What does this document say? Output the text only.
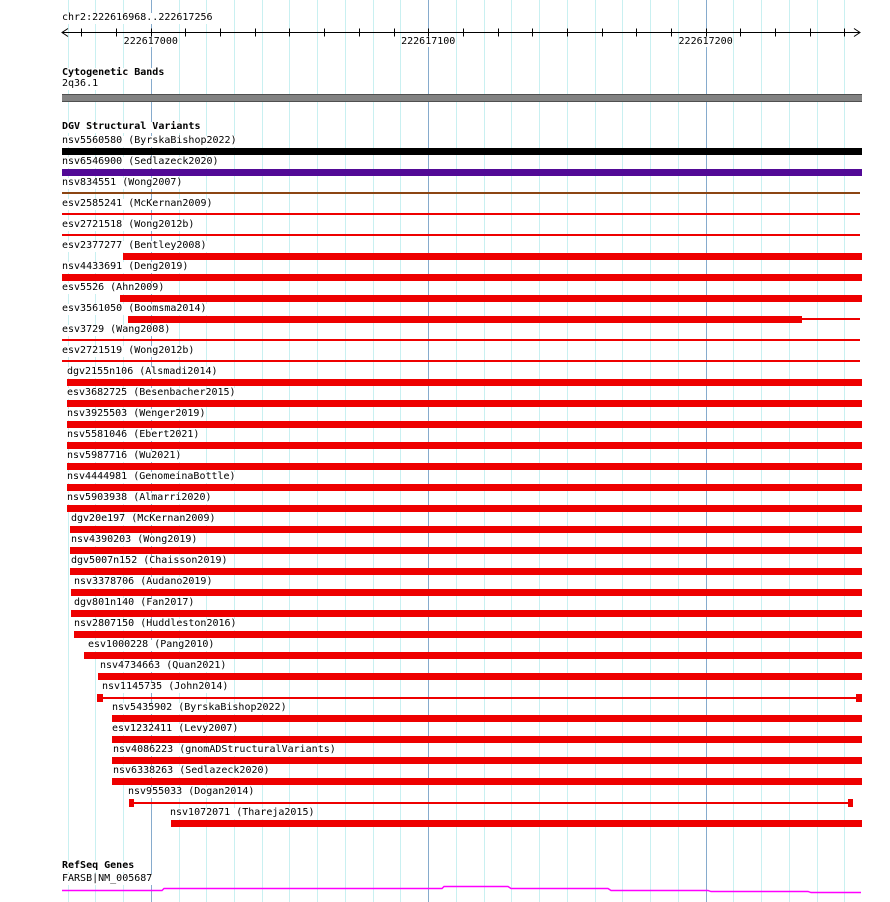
chr2:222616968..222617256
222617000	222617100	222617200
Cytogenetic Bands
2q36.1
DGV Structural Variants
nsv5560580 (ByrskaBishop2022)
nsv6546900 (Sedlazeck2020)
nsv834551 (Wong2007)
esv2585241 (McKernan2009)
esv2721518 (Wong2012b)
esv2377277 (Bentley2008)
nsv4433691 (Deng2019)
esv5526 (Ahn2009)
esv3561050 (Boomsma2014)
esv3729 (Wang2008)
esv2721519 (Wong2012b)
dgv2155n106 (Alsmadi2014)
esv3682725 (Besenbacher2015)
nsv3925503 (Wenger2019)
nsv5581046 (Ebert2021)
nsv5987716 (Wu2021)
nsv4444981 (GenomeinaBottle)
nsv5903938 (Almarri2020)
dgv20e197 (McKernan2009)
nsv4390203 (Wong2019)
dgv5007n152 (Chaisson2019)
nsv3378706 (Audano2019)
dgv801n140 (Fan2017)
nsv2807150 (Huddleston2016)
esv1000228 (Pang2010)
nsv4734663 (Quan2021)
nsv1145735 (John2014)
nsv5435902 (ByrskaBishop2022)
esv1232411 (Levy2007)
nsv4086223 (gnomADStructuralVariants)
nsv6338263 (Sedlazeck2020)
nsv955033 (Dogan2014)
nsv1072071 (Thareja2015)
RefSeq Genes
FARSB|NM_005687
